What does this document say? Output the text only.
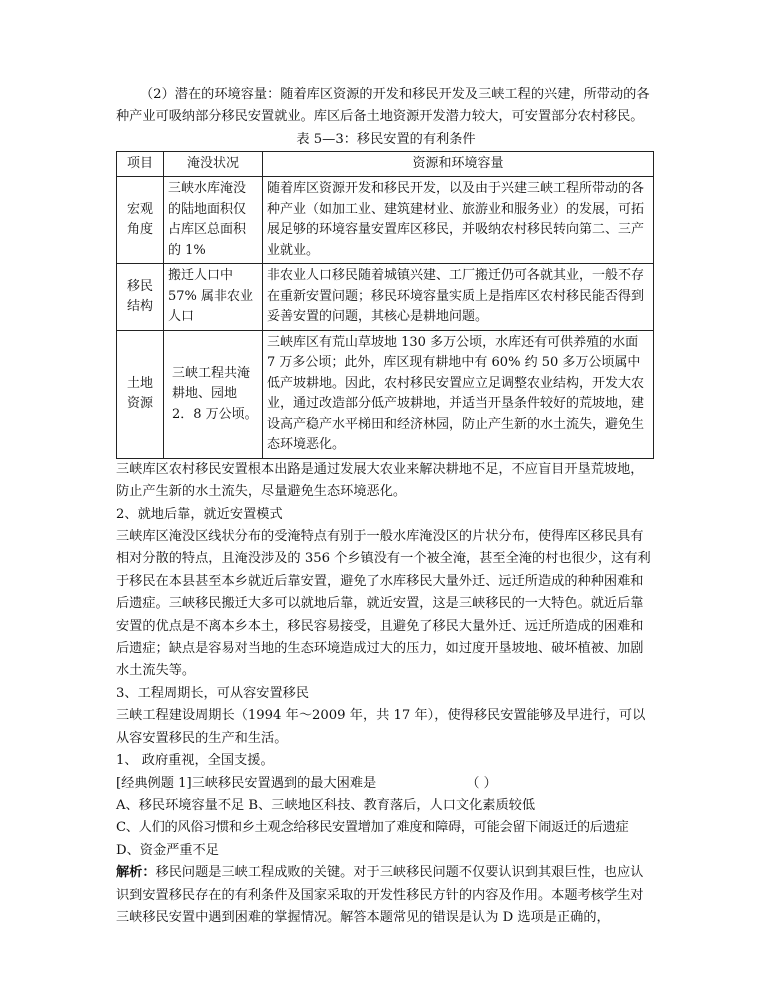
（2）潜在的环境容量：随着库区资源的开发和移民开发及三峡工程的兴建，所带动的各种产业可吸纳部分移民安置就业。库区后备土地资源开发潜力较大，可安置部分农村移民。

表 5—3：移民安置的有利条件

项目	淹没状况	资源和环境容量
宏观角度	三峡水库淹没的陆地面积仅占库区总面积的 1%	随着库区资源开发和移民开发，以及由于兴建三峡工程所带动的各种产业（如加工业、建筑建材业、旅游业和服务业）的发展，可拓展足够的环境容量安置库区移民，并吸纳农村移民转向第二、三产业就业。
移民结构	搬迁人口中 57% 属非农业人口	非农业人口移民随着城镇兴建、工厂搬迁仍可各就其业，一般不存在重新安置问题；移民环境容量实质上是指库区农村移民能否得到妥善安置的问题，其核心是耕地问题。
土地资源	三峡工程共淹耕地、园地 2．8 万公顷。	三峡库区有荒山草坡地 130 多万公顷，水库还有可供养殖的水面 7 万多公顷；此外，库区现有耕地中有 60% 约 50 多万公顷属中低产坡耕地。因此，农村移民安置应立足调整农业结构，开发大农业，通过改造部分低产坡耕地，并适当开垦条件较好的荒坡地，建设高产稳产水平梯田和经济林园，防止产生新的水土流失，避免生态环境恶化。

三峡库区农村移民安置根本出路是通过发展大农业来解决耕地不足，不应盲目开垦荒坡地，防止产生新的水土流失，尽量避免生态环境恶化。

2、就地后靠，就近安置模式

三峡库区淹没区线状分布的受淹特点有别于一般水库淹没区的片状分布，使得库区移民具有相对分散的特点，且淹没涉及的 356 个乡镇没有一个被全淹，甚至全淹的村也很少，这有利于移民在本县甚至本乡就近后靠安置，避免了水库移民大量外迁、远迁所造成的种种困难和后遗症。三峡移民搬迁大多可以就地后靠，就近安置，这是三峡移民的一大特色。就近后靠安置的优点是不离本乡本土，移民容易接受，且避免了移民大量外迁、远迁所造成的困难和后遗症；缺点是容易对当地的生态环境造成过大的压力，如过度开垦坡地、破坏植被、加剧水土流失等。

3、工程周期长，可从容安置移民

三峡工程建设周期长（1994 年～2009 年，共 17 年），使得移民安置能够及早进行，可以从容安置移民的生产和生活。

1、 政府重视，全国支援。

[经典例题 1]三峡移民安置遇到的最大困难是	（ ）

A、移民环境容量不足 B、三峡地区科技、教育落后，人口文化素质较低

C、人们的风俗习惯和乡土观念给移民安置增加了难度和障碍，可能会留下闹返迁的后遗症

D、资金严重不足

解析：移民问题是三峡工程成败的关键。对于三峡移民问题不仅要认识到其艰巨性，也应认识到安置移民存在的有利条件及国家采取的开发性移民方针的内容及作用。本题考核学生对三峡移民安置中遇到困难的掌握情况。解答本题常见的错误是认为 D 选项是正确的，
